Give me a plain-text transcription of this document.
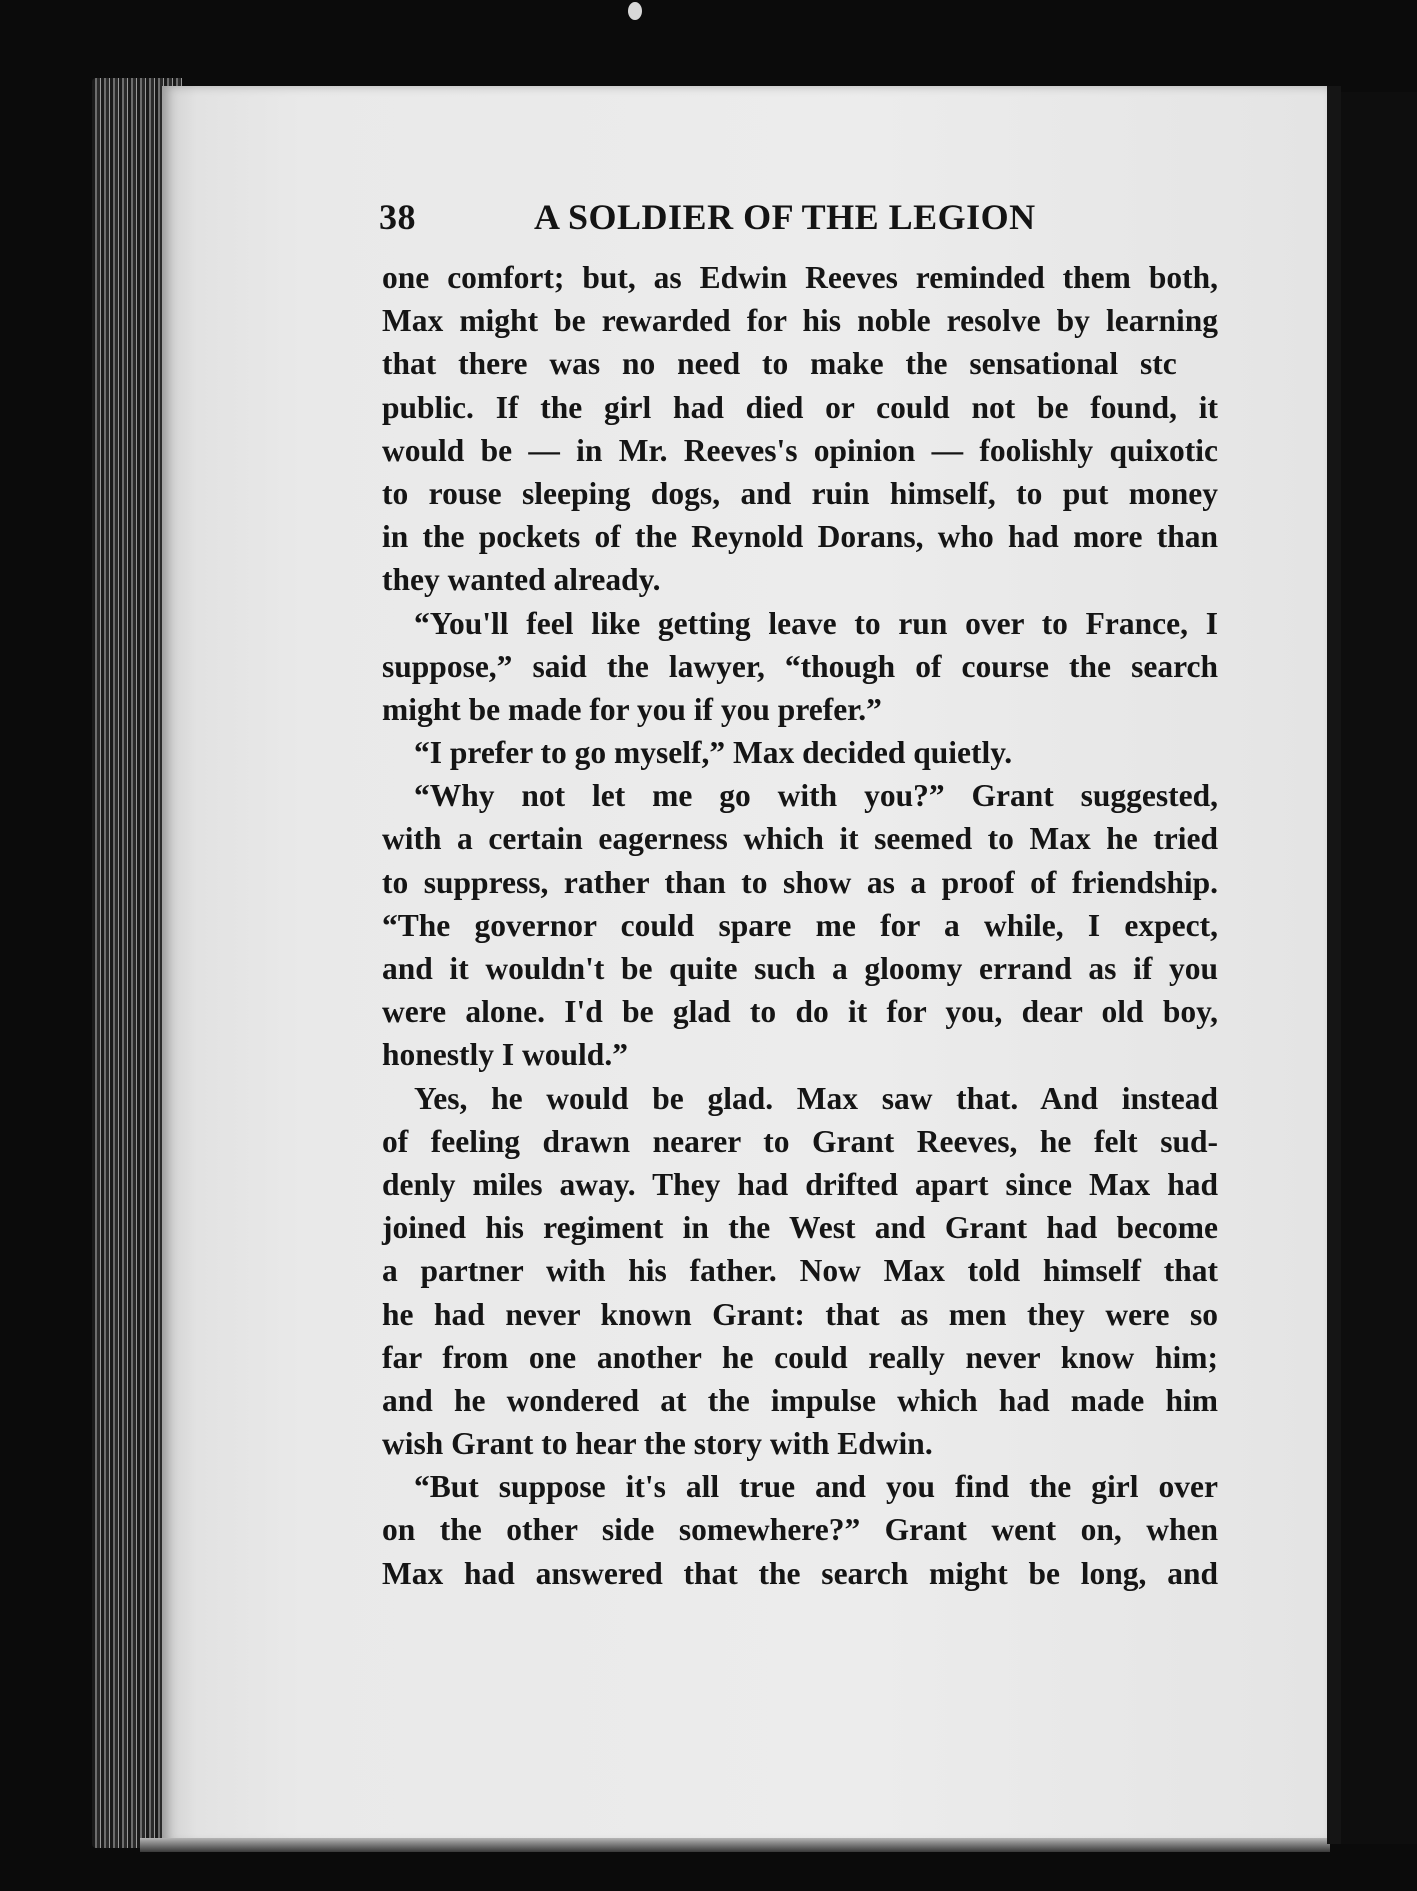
38	A SOLDIER OF THE LEGION
one comfort; but, as Edwin Reeves reminded them both,
Max might be rewarded for his noble resolve by learning
that there was no need to make the sensational stc
public. If the girl had died or could not be found, it
would be — in Mr. Reeves's opinion — foolishly quixotic
to rouse sleeping dogs, and ruin himself, to put money
in the pockets of the Reynold Dorans, who had more than
they wanted already.
“You'll feel like getting leave to run over to France, I
suppose,” said the lawyer, “though of course the search
might be made for you if you prefer.”
“I prefer to go myself,” Max decided quietly.
“Why not let me go with you?” Grant suggested,
with a certain eagerness which it seemed to Max he tried
to suppress, rather than to show as a proof of friendship.
“The governor could spare me for a while, I expect,
and it wouldn't be quite such a gloomy errand as if you
were alone. I'd be glad to do it for you, dear old boy,
honestly I would.”
Yes, he would be glad. Max saw that. And instead
of feeling drawn nearer to Grant Reeves, he felt sud-
denly miles away. They had drifted apart since Max had
joined his regiment in the West and Grant had become
a partner with his father. Now Max told himself that
he had never known Grant: that as men they were so
far from one another he could really never know him;
and he wondered at the impulse which had made him
wish Grant to hear the story with Edwin.
“But suppose it's all true and you find the girl over
on the other side somewhere?” Grant went on, when
Max had answered that the search might be long, and
